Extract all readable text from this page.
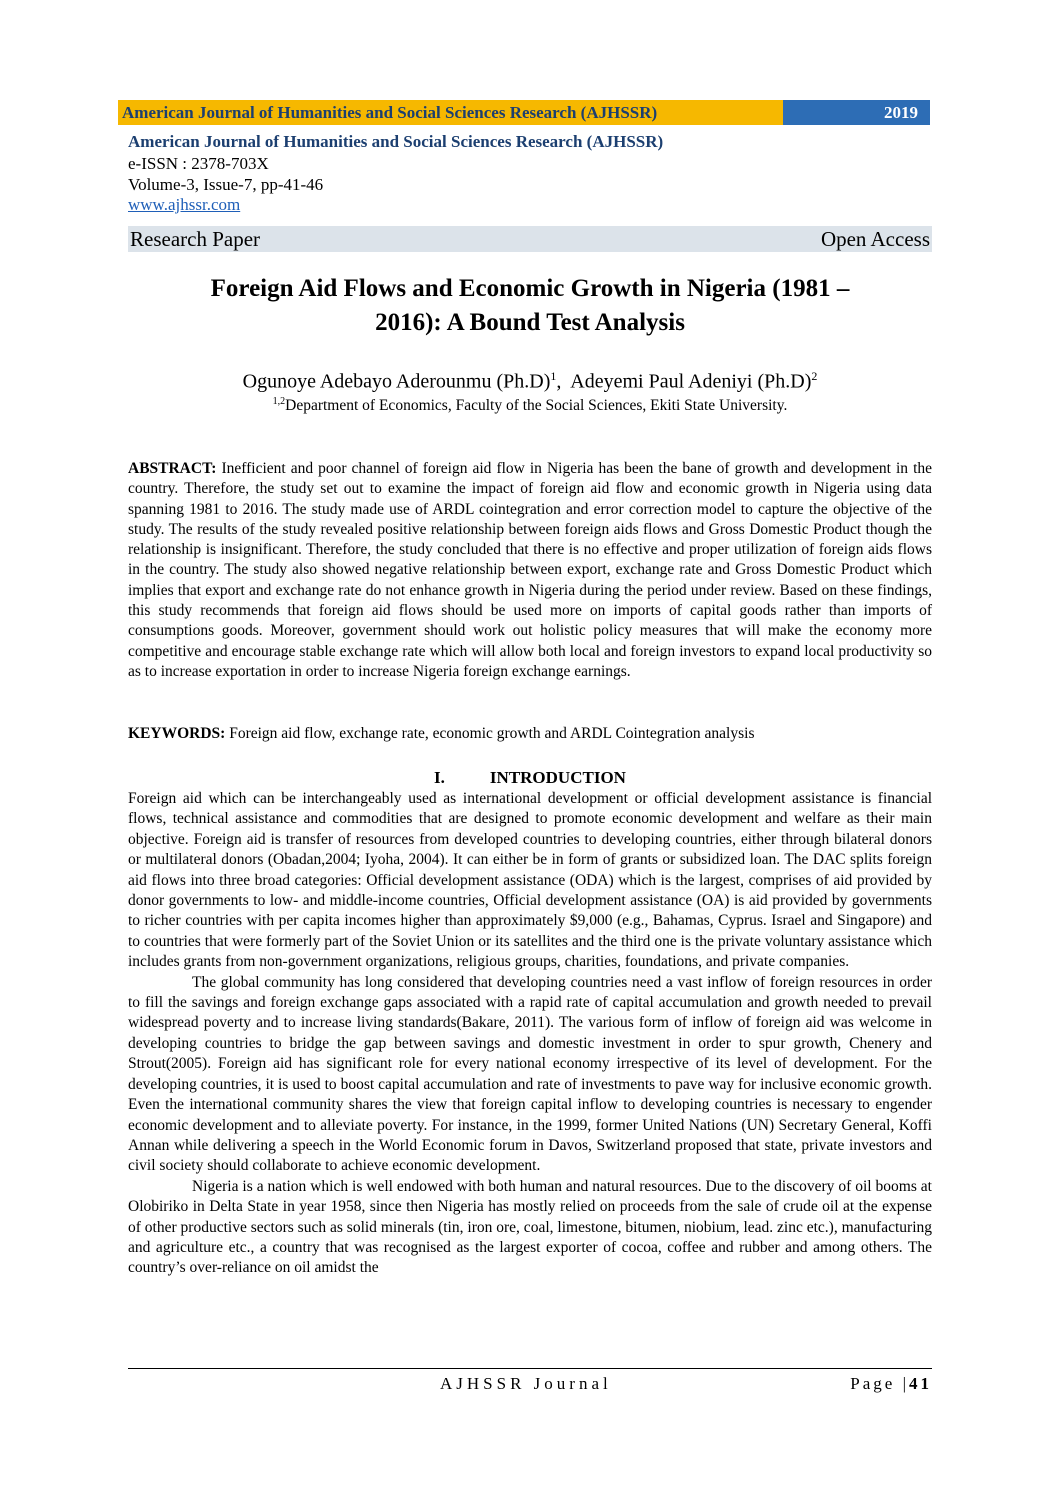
American Journal of Humanities and Social Sciences Research (AJHSSR)	2019
American Journal of Humanities and Social Sciences Research (AJHSSR)
e-ISSN : 2378-703X
Volume-3, Issue-7, pp-41-46
www.ajhssr.com
Research Paper	Open Access
Foreign Aid Flows and Economic Growth in Nigeria (1981 –
2016): A Bound Test Analysis
Ogunoye Adebayo Aderounmu $(Ph.D)^1$,  Adeyemi Paul Adeniyi $(Ph.D)^2$
$^{1,2}$Department of Economics, Faculty of the Social Sciences, Ekiti State University.

ABSTRACT: Inefficient and poor channel of foreign aid flow in Nigeria has been the bane of growth and development in the country. Therefore, the study set out to examine the impact of foreign aid flow and economic growth in Nigeria using data spanning 1981 to 2016. The study made use of ARDL cointegration and error correction model to capture the objective of the study. The results of the study revealed positive relationship between foreign aids flows and Gross Domestic Product though the relationship is insignificant. Therefore, the study concluded that there is no effective and proper utilization of foreign aids flows in the country. The study also showed negative relationship between export, exchange rate and Gross Domestic Product which implies that export and exchange rate do not enhance growth in Nigeria during the period under review. Based on these findings, this study recommends that foreign aid flows should be used more on imports of capital goods rather than imports of consumptions goods. Moreover, government should work out holistic policy measures that will make the economy more competitive and encourage stable exchange rate which will allow both local and foreign investors to expand local productivity so as to increase exportation in order to increase Nigeria foreign exchange earnings.

KEYWORDS: Foreign aid flow, exchange rate, economic growth and ARDL Cointegration analysis

I.	INTRODUCTION

Foreign aid which can be interchangeably used as international development or official development assistance is financial flows, technical assistance and commodities that are designed to promote economic development and welfare as their main objective. Foreign aid is transfer of resources from developed countries to developing countries, either through bilateral donors or multilateral donors (Obadan,2004; Iyoha, 2004). It can either be in form of grants or subsidized loan. The DAC splits foreign aid flows into three broad categories: Official development assistance (ODA) which is the largest, comprises of aid provided by donor governments to low- and middle-income countries, Official development assistance (OA) is aid provided by governments to richer countries with per capita incomes higher than approximately $9,000 (e.g., Bahamas, Cyprus. Israel and Singapore) and to countries that were formerly part of the Soviet Union or its satellites and the third one is the private voluntary assistance which includes grants from non-government organizations, religious groups, charities, foundations, and private companies.

The global community has long considered that developing countries need a vast inflow of foreign resources in order to fill the savings and foreign exchange gaps associated with a rapid rate of capital accumulation and growth needed to prevail widespread poverty and to increase living standards(Bakare, 2011). The various form of inflow of foreign aid was welcome in developing countries to bridge the gap between savings and domestic investment in order to spur growth, Chenery and Strout(2005). Foreign aid has significant role for every national economy irrespective of its level of development. For the developing countries, it is used to boost capital accumulation and rate of investments to pave way for inclusive economic growth. Even the international community shares the view that foreign capital inflow to developing countries is necessary to engender economic development and to alleviate poverty. For instance, in the 1999, former United Nations (UN) Secretary General, Koffi Annan while delivering a speech in the World Economic forum in Davos, Switzerland proposed that state, private investors and civil society should collaborate to achieve economic development.

Nigeria is a nation which is well endowed with both human and natural resources. Due to the discovery of oil booms at Olobiriko in Delta State in year 1958, since then Nigeria has mostly relied on proceeds from the sale of crude oil at the expense of other productive sectors such as solid minerals (tin, iron ore, coal, limestone, bitumen, niobium, lead. zinc etc.), manufacturing and agriculture etc., a country that was recognised as the largest exporter of cocoa, coffee and rubber and among others. The country’s over-reliance on oil amidst the

AJHSSR Journal	Page |41
